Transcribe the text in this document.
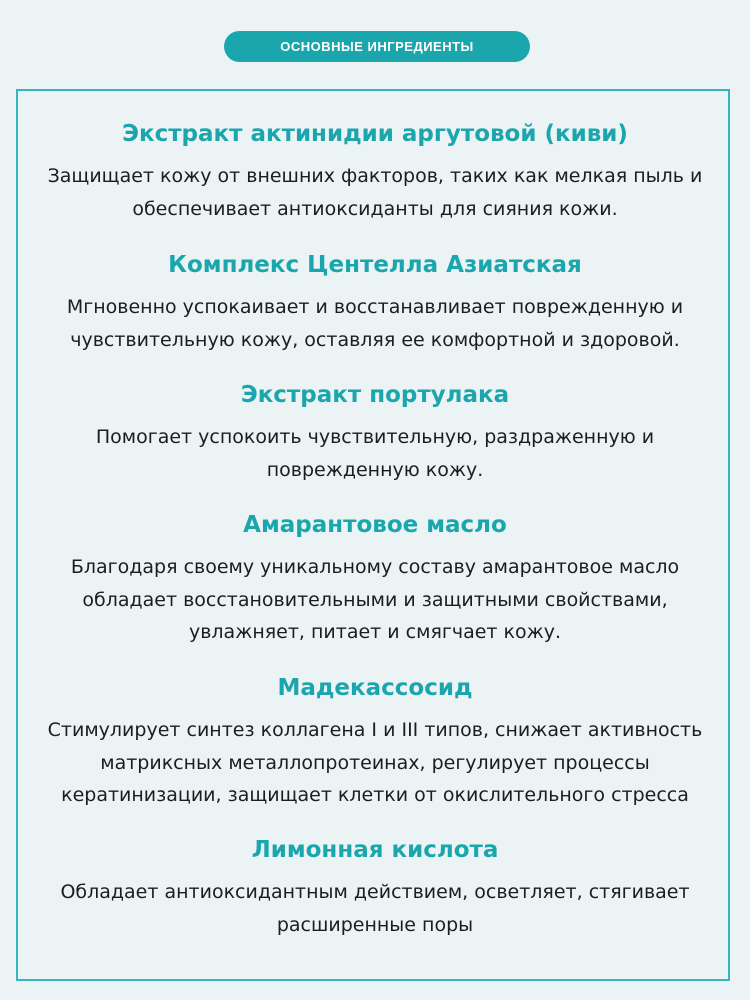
ОСНОВНЫЕ ИНГРЕДИЕНТЫ
Экстракт актинидии аргутовой (киви)

Защищает кожу от внешних факторов, таких как мелкая пыль и
обеспечивает антиоксиданты для сияния кожи.

Комплекс Центелла Азиатская

Мгновенно успокаивает и восстанавливает поврежденную и
чувствительную кожу, оставляя ее комфортной и здоровой.

Экстракт портулака

Помогает успокоить чувствительную, раздраженную и
поврежденную кожу.

Амарантовое масло

Благодаря своему уникальному составу амарантовое масло
обладает восстановительными и защитными свойствами,
увлажняет, питает и смягчает кожу.

Мадекассосид

Стимулирует синтез коллагена I и III типов, снижает активность
матриксных металлопротеинах, регулирует процессы
кератинизации, защищает клетки от окислительного стресса

Лимонная кислота

Обладает антиоксидантным действием, осветляет, стягивает
расширенные поры
